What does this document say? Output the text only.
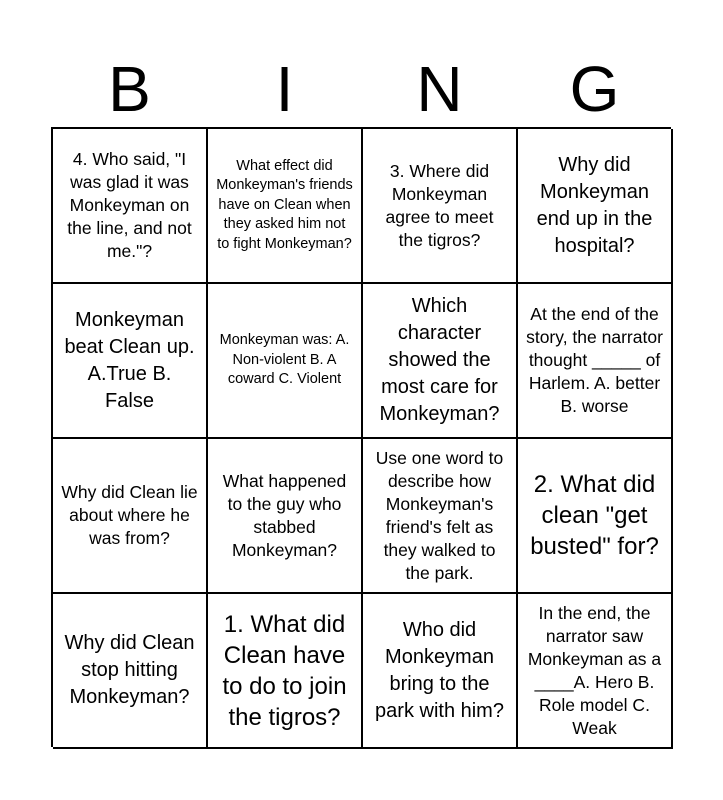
B	I	N	G
4. Who said, "I was glad it was Monkeyman on the line, and not me."?
What effect did Monkeyman's friends have on Clean when they asked him not to fight Monkeyman?
3. Where did Monkeyman agree to meet the tigros?
Why did Monkeyman end up in the hospital?
Monkeyman beat Clean up. A.True B. False
Monkeyman was: A. Non-violent B. A coward C. Violent
Which character showed the most care for Monkeyman?
At the end of the story, the narrator thought _____ of Harlem. A. better B. worse
Why did Clean lie about where he was from?
What happened to the guy who stabbed Monkeyman?
Use one word to describe how Monkeyman's friend's felt as they walked to the park.
2. What did clean "get busted" for?
Why did Clean stop hitting Monkeyman?
1. What did Clean have to do to join the tigros?
Who did Monkeyman bring to the park with him?
In the end, the narrator saw Monkeyman as a ____A. Hero B. Role model C. Weak
